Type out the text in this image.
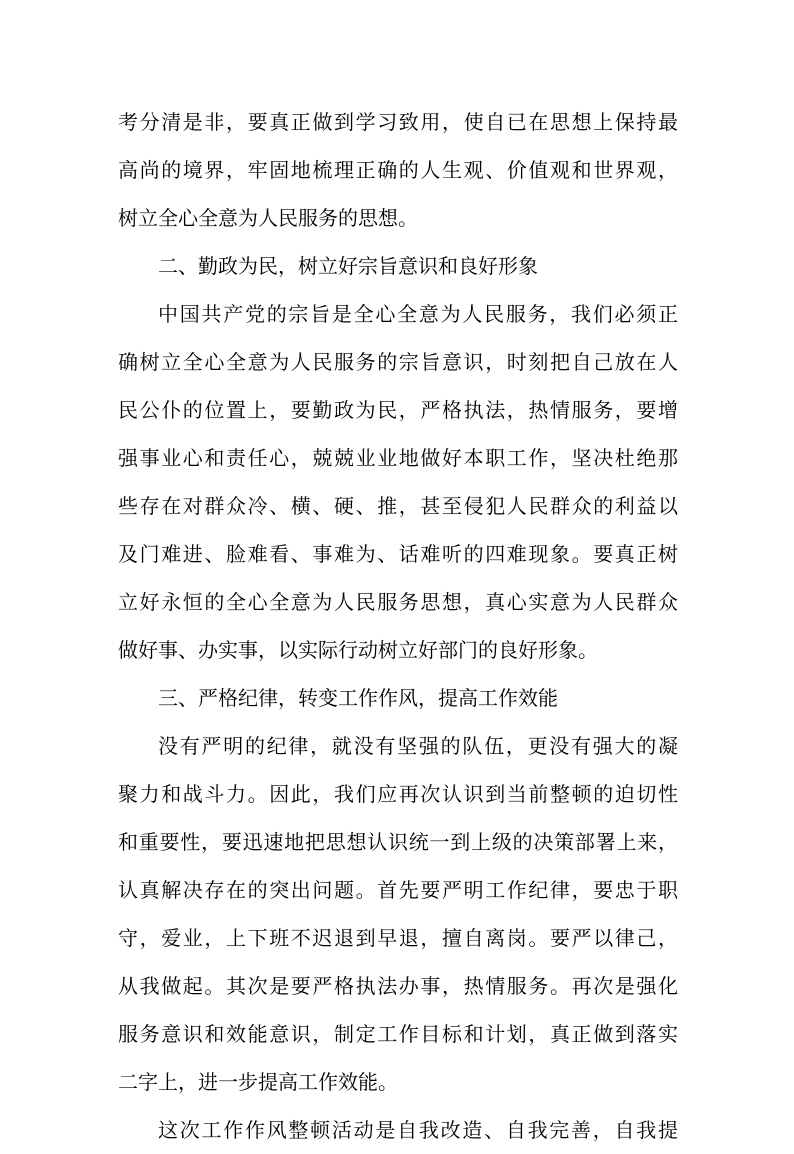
考分清是非，要真正做到学习致用，使自已在思想上保持最
高尚的境界，牢固地梳理正确的人生观、价值观和世界观，
树立全心全意为人民服务的思想。
二、勤政为民，树立好宗旨意识和良好形象
中国共产党的宗旨是全心全意为人民服务，我们必须正
确树立全心全意为人民服务的宗旨意识，时刻把自己放在人
民公仆的位置上，要勤政为民，严格执法，热情服务，要增
强事业心和责任心，兢兢业业地做好本职工作，坚决杜绝那
些存在对群众冷、横、硬、推，甚至侵犯人民群众的利益以
及门难进、脸难看、事难为、话难听的四难现象。要真正树
立好永恒的全心全意为人民服务思想，真心实意为人民群众
做好事、办实事，以实际行动树立好部门的良好形象。
三、严格纪律，转变工作作风，提高工作效能
没有严明的纪律，就没有坚强的队伍，更没有强大的凝
聚力和战斗力。因此，我们应再次认识到当前整顿的迫切性
和重要性，要迅速地把思想认识统一到上级的决策部署上来，
认真解决存在的突出问题。首先要严明工作纪律，要忠于职
守，爱业，上下班不迟退到早退，擅自离岗。要严以律己，
从我做起。其次是要严格执法办事，热情服务。再次是强化
服务意识和效能意识，制定工作目标和计划，真正做到落实
二字上，进一步提高工作效能。
这次工作作风整顿活动是自我改造、自我完善，自我提
